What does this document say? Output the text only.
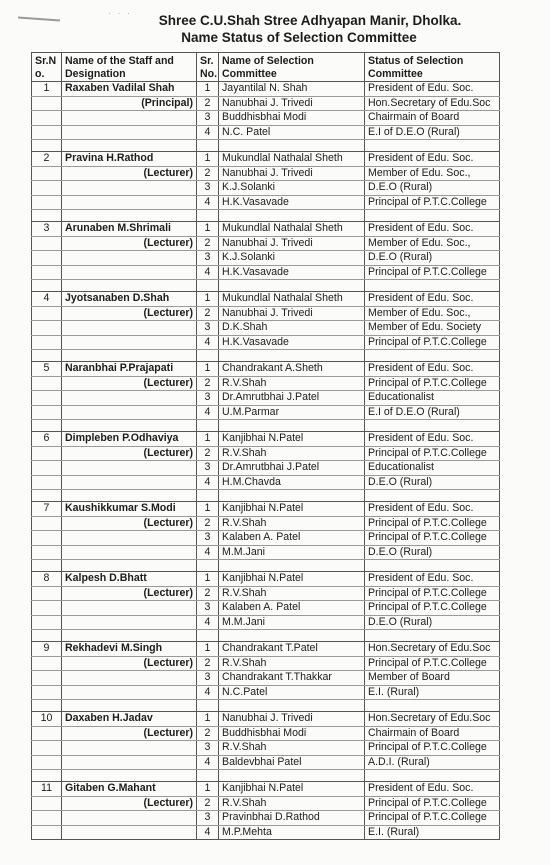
· · ·	Shree C.U.Shah Stree Adhyapan Manir, Dholka.

Name Status of Selection Committee

Sr.No.	Name of the Staff and Designation	Sr. No.	Name of Selection Committee	Status of Selection Committee
1	Raxaben Vadilal Shah	1	Jayantilal N. Shah	President of Edu. Soc.
	(Principal)	2	Nanubhai J. Trivedi	Hon.Secretary of Edu.Soc
		3	Buddhisbhai Modi	Chairmain of Board
		4	N.C. Patel	E.I of D.E.O (Rural)

2	Pravina H.Rathod	1	Mukundlal Nathalal Sheth	President of Edu. Soc.
	(Lecturer)	2	Nanubhai J. Trivedi	Member of Edu. Soc.,
		3	K.J.Solanki	D.E.O (Rural)
		4	H.K.Vasavade	Principal of P.T.C.College

3	Arunaben M.Shrimali	1	Mukundlal Nathalal Sheth	President of Edu. Soc.
	(Lecturer)	2	Nanubhai J. Trivedi	Member of Edu. Soc.,
		3	K.J.Solanki	D.E.O (Rural)
		4	H.K.Vasavade	Principal of P.T.C.College

4	Jyotsanaben D.Shah	1	Mukundlal Nathalal Sheth	President of Edu. Soc.
	(Lecturer)	2	Nanubhai J. Trivedi	Member of Edu. Soc.,
		3	D.K.Shah	Member of Edu. Society
		4	H.K.Vasavade	Principal of P.T.C.College

5	Naranbhai P.Prajapati	1	Chandrakant A.Sheth	President of Edu. Soc.
	(Lecturer)	2	R.V.Shah	Principal of P.T.C.College
		3	Dr.Amrutbhai J.Patel	Educationalist
		4	U.M.Parmar	E.I of D.E.O (Rural)

6	Dimpleben P.Odhaviya	1	Kanjibhai N.Patel	President of Edu. Soc.
	(Lecturer)	2	R.V.Shah	Principal of P.T.C.College
		3	Dr.Amrutbhai J.Patel	Educationalist
		4	H.M.Chavda	D.E.O (Rural)

7	Kaushikkumar S.Modi	1	Kanjibhai N.Patel	President of Edu. Soc.
	(Lecturer)	2	R.V.Shah	Principal of P.T.C.College
		3	Kalaben A. Patel	Principal of P.T.C.College
		4	M.M.Jani	D.E.O (Rural)

8	Kalpesh D.Bhatt	1	Kanjibhai N.Patel	President of Edu. Soc.
	(Lecturer)	2	R.V.Shah	Principal of P.T.C.College
		3	Kalaben A. Patel	Principal of P.T.C.College
		4	M.M.Jani	D.E.O (Rural)

9	Rekhadevi M.Singh	1	Chandrakant T.Patel	Hon.Secretary of Edu.Soc
	(Lecturer)	2	R.V.Shah	Principal of P.T.C.College
		3	Chandrakant T.Thakkar	Member of Board
		4	N.C.Patel	E.I. (Rural)

10	Daxaben H.Jadav	1	Nanubhai J. Trivedi	Hon.Secretary of Edu.Soc
	(Lecturer)	2	Buddhisbhai Modi	Chairmain of Board
		3	R.V.Shah	Principal of P.T.C.College
		4	Baldevbhai Patel	A.D.I. (Rural)

11	Gitaben G.Mahant	1	Kanjibhai N.Patel	President of Edu. Soc.
	(Lecturer)	2	R.V.Shah	Principal of P.T.C.College
		3	Pravinbhai D.Rathod	Principal of P.T.C.College
		4	M.P.Mehta	E.I. (Rural)
